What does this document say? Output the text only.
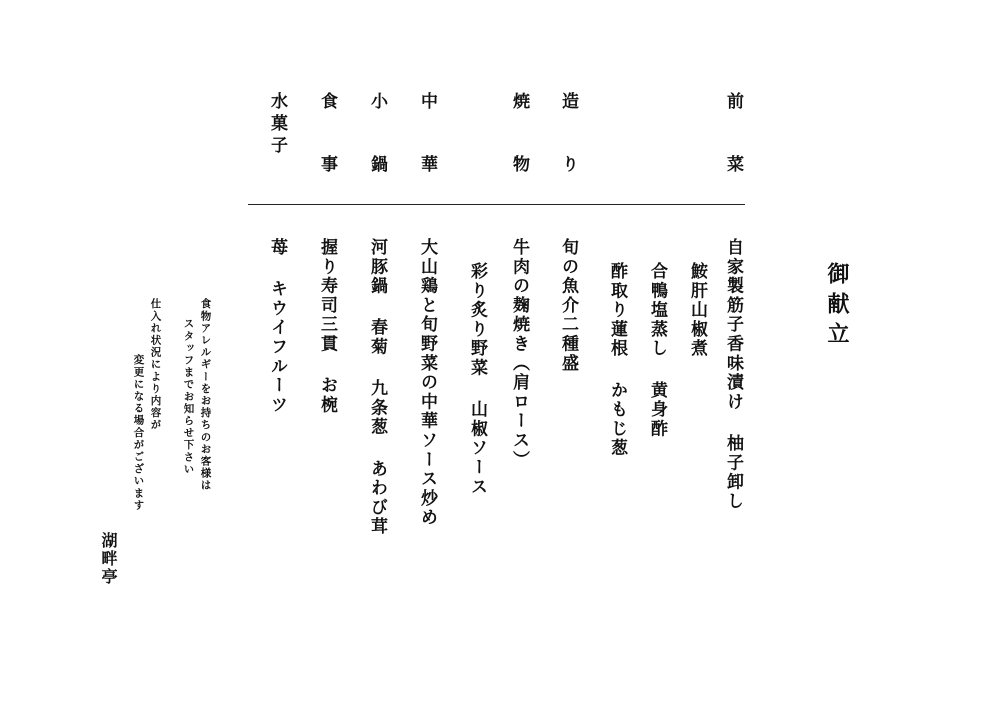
御献立
前 菜
造 り
焼 物
中 華
小 鍋
食 事
水菓子
自家製筋子香味漬け 柚子卸し
鮟肝山椒煮
合鴨塩蒸し 黄身酢
酢取り蓮根 かもじ葱
旬の魚介二種盛
牛肉の麹焼き（肩ロース）
彩り炙り野菜 山椒ソース
大山鶏と旬野菜の中華ソース炒め
河豚鍋 春菊 九条葱 あわび茸
握り寿司三貫 お椀
苺 キウイフルーツ
食物アレルギーをお持ちのお客様は
スタッフまでお知らせ下さい
仕入れ状況により内容が
変更になる場合がございます
湖畔亭
